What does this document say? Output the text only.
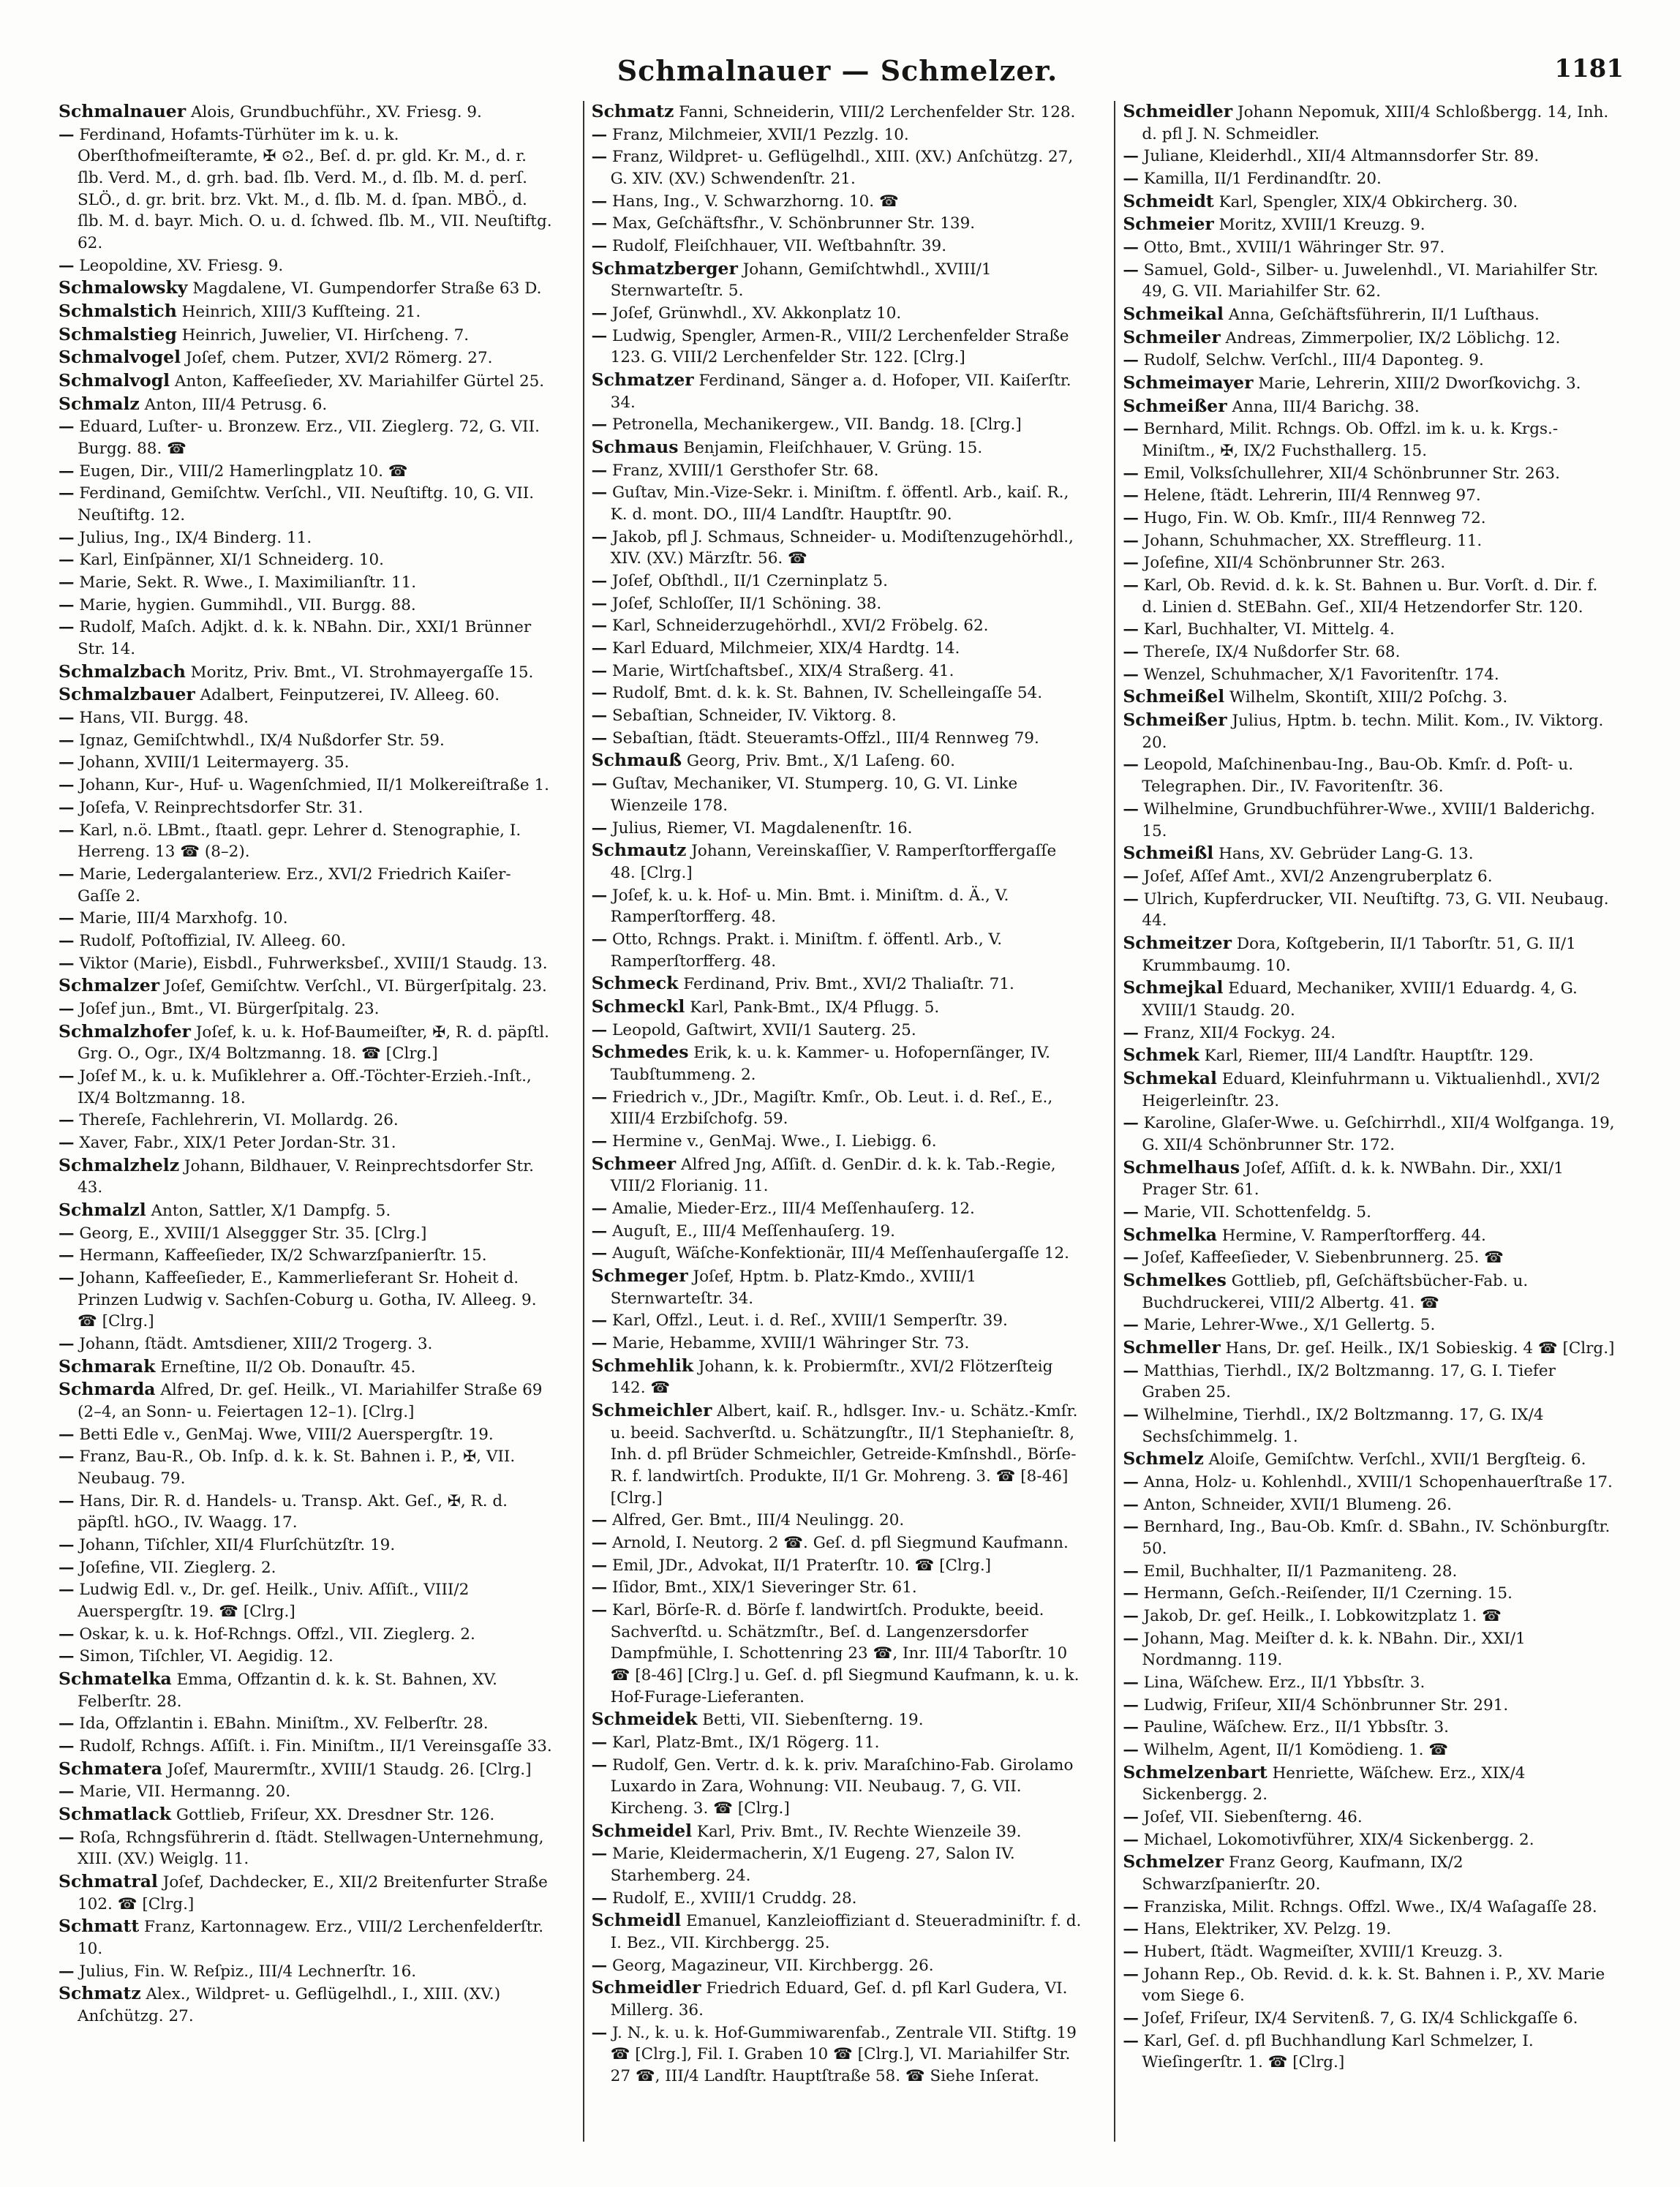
Schmalnauer — Schmelzer.	1181
Schmalnauer Alois, Grundbuchführ., XV. Friesg. 9.
— Ferdinand, Hofamts-Türhüter im k. u. k. Oberſthofmeiſteramte, ✠ ⊙2., Beſ. d. pr. gld. Kr. M., d. r. ſlb. Verd. M., d. grh. bad. ſlb. Verd. M., d. ſlb. M. d. perſ. SLÖ., d. gr. brit. brz. Vkt. M., d. ſlb. M. d. ſpan. MBÖ., d. ſlb. M. d. bayr. Mich. O. u. d. ſchwed. ſlb. M., VII. Neuſtiftg. 62.
— Leopoldine, XV. Friesg. 9.
Schmalowsky Magdalene, VI. Gumpendorfer Straße 63 D.
Schmalstich Heinrich, XIII/3 Kufſteing. 21.
Schmalstieg Heinrich, Juwelier, VI. Hirſcheng. 7.
Schmalvogel Joſef, chem. Putzer, XVI/2 Römerg. 27.
Schmalvogl Anton, Kaffeeſieder, XV. Mariahilfer Gürtel 25.
Schmalz Anton, III/4 Petrusg. 6.
— Eduard, Luſter- u. Bronzew. Erz., VII. Zieglerg. 72, G. VII. Burgg. 88. ☎
— Eugen, Dir., VIII/2 Hamerlingplatz 10. ☎
— Ferdinand, Gemiſchtw. Verſchl., VII. Neuſtiftg. 10, G. VII. Neuſtiftg. 12.
— Julius, Ing., IX/4 Binderg. 11.
— Karl, Einſpänner, XI/1 Schneiderg. 10.
— Marie, Sekt. R. Wwe., I. Maximilianſtr. 11.
— Marie, hygien. Gummihdl., VII. Burgg. 88.
— Rudolf, Maſch. Adjkt. d. k. k. NBahn. Dir., XXI/1 Brünner Str. 14.
Schmalzbach Moritz, Priv. Bmt., VI. Strohmayergaſſe 15.
Schmalzbauer Adalbert, Feinputzerei, IV. Alleeg. 60.
— Hans, VII. Burgg. 48.
— Ignaz, Gemiſchtwhdl., IX/4 Nußdorfer Str. 59.
— Johann, XVIII/1 Leitermayerg. 35.
— Johann, Kur-, Huf- u. Wagenſchmied, II/1 Molkereiſtraße 1.
— Joſefa, V. Reinprechtsdorfer Str. 31.
— Karl, n.ö. LBmt., ſtaatl. gepr. Lehrer d. Stenographie, I. Herreng. 13 ☎ (8–2).
— Marie, Ledergalanteriew. Erz., XVI/2 Friedrich Kaiſer-Gaſſe 2.
— Marie, III/4 Marxhofg. 10.
— Rudolf, Poſtoffizial, IV. Alleeg. 60.
— Viktor (Marie), Eisbdl., Fuhrwerksbeſ., XVIII/1 Staudg. 13.
Schmalzer Joſef, Gemiſchtw. Verſchl., VI. Bürgerſpitalg. 23.
— Joſef jun., Bmt., VI. Bürgerſpitalg. 23.
Schmalzhofer Joſef, k. u. k. Hof-Baumeiſter, ✠, R. d. päpſtl. Grg. O., Ogr., IX/4 Boltzmanng. 18. ☎ [Clrg.]
— Joſef M., k. u. k. Muſiklehrer a. Off.-Töchter-Erzieh.-Inſt., IX/4 Boltzmanng. 18.
— Thereſe, Fachlehrerin, VI. Mollardg. 26.
— Xaver, Fabr., XIX/1 Peter Jordan-Str. 31.
Schmalzhelz Johann, Bildhauer, V. Reinprechtsdorfer Str. 43.
Schmalzl Anton, Sattler, X/1 Dampfg. 5.
— Georg, E., XVIII/1 Alseggger Str. 35. [Clrg.]
— Hermann, Kaffeeſieder, IX/2 Schwarzſpanierſtr. 15.
— Johann, Kaffeeſieder, E., Kammerlieferant Sr. Hoheit d. Prinzen Ludwig v. Sachſen-Coburg u. Gotha, IV. Alleeg. 9. ☎ [Clrg.]
— Johann, ſtädt. Amtsdiener, XIII/2 Trogerg. 3.
Schmarak Erneſtine, II/2 Ob. Donauſtr. 45.
Schmarda Alfred, Dr. geſ. Heilk., VI. Mariahilfer Straße 69 (2–4, an Sonn- u. Feiertagen 12–1). [Clrg.]
— Betti Edle v., GenMaj. Wwe, VIII/2 Auerspergſtr. 19.
— Franz, Bau-R., Ob. Inſp. d. k. k. St. Bahnen i. P., ✠, VII. Neubaug. 79.
— Hans, Dir. R. d. Handels- u. Transp. Akt. Geſ., ✠, R. d. päpſtl. hGO., IV. Waagg. 17.
— Johann, Tiſchler, XII/4 Flurſchützſtr. 19.
— Joſefine, VII. Zieglerg. 2.
— Ludwig Edl. v., Dr. geſ. Heilk., Univ. Aſſiſt., VIII/2 Auerspergſtr. 19. ☎ [Clrg.]
— Oskar, k. u. k. Hof-Rchngs. Offzl., VII. Zieglerg. 2.
— Simon, Tiſchler, VI. Aegidig. 12.
Schmatelka Emma, Offzantin d. k. k. St. Bahnen, XV. Felberſtr. 28.
— Ida, Offzlantin i. EBahn. Miniſtm., XV. Felberſtr. 28.
— Rudolf, Rchngs. Aſſiſt. i. Fin. Miniſtm., II/1 Vereinsgaſſe 33.
Schmatera Joſef, Maurermſtr., XVIII/1 Staudg. 26. [Clrg.]
— Marie, VII. Hermanng. 20.
Schmatlack Gottlieb, Friſeur, XX. Dresdner Str. 126.
— Roſa, Rchngsführerin d. ſtädt. Stellwagen-Unternehmung, XIII. (XV.) Weiglg. 11.
Schmatral Joſef, Dachdecker, E., XII/2 Breitenfurter Straße 102. ☎ [Clrg.]
Schmatt Franz, Kartonnagew. Erz., VIII/2 Lerchenfelderſtr. 10.
— Julius, Fin. W. Reſpiz., III/4 Lechnerſtr. 16.
Schmatz Alex., Wildpret- u. Geflügelhdl., I., XIII. (XV.) Anſchützg. 27.
Schmatz Fanni, Schneiderin, VIII/2 Lerchenfelder Str. 128.
— Franz, Milchmeier, XVII/1 Pezzlg. 10.
— Franz, Wildpret- u. Geflügelhdl., XIII. (XV.) Anſchützg. 27, G. XIV. (XV.) Schwendenſtr. 21.
— Hans, Ing., V. Schwarzhorng. 10. ☎
— Max, Geſchäftsfhr., V. Schönbrunner Str. 139.
— Rudolf, Fleiſchhauer, VII. Weſtbahnſtr. 39.
Schmatzberger Johann, Gemiſchtwhdl., XVIII/1 Sternwarteſtr. 5.
— Joſef, Grünwhdl., XV. Akkonplatz 10.
— Ludwig, Spengler, Armen-R., VIII/2 Lerchenfelder Straße 123. G. VIII/2 Lerchenfelder Str. 122. [Clrg.]
Schmatzer Ferdinand, Sänger a. d. Hofoper, VII. Kaiſerſtr. 34.
— Petronella, Mechanikergew., VII. Bandg. 18. [Clrg.]
Schmaus Benjamin, Fleiſchhauer, V. Grüng. 15.
— Franz, XVIII/1 Gersthofer Str. 68.
— Guſtav, Min.-Vize-Sekr. i. Miniſtm. f. öffentl. Arb., kaiſ. R., K. d. mont. DO., III/4 Landſtr. Hauptſtr. 90.
— Jakob, pfl J. Schmaus, Schneider- u. Modiſtenzugehörhdl., XIV. (XV.) Märzſtr. 56. ☎
— Joſef, Obſthdl., II/1 Czerninplatz 5.
— Joſef, Schloſſer, II/1 Schöning. 38.
— Karl, Schneiderzugehörhdl., XVI/2 Fröbelg. 62.
— Karl Eduard, Milchmeier, XIX/4 Hardtg. 14.
— Marie, Wirtſchaftsbeſ., XIX/4 Straßerg. 41.
— Rudolf, Bmt. d. k. k. St. Bahnen, IV. Schelleingaſſe 54.
— Sebaſtian, Schneider, IV. Viktorg. 8.
— Sebaſtian, ſtädt. Steueramts-Offzl., III/4 Rennweg 79.
Schmauß Georg, Priv. Bmt., X/1 Laſeng. 60.
— Guſtav, Mechaniker, VI. Stumperg. 10, G. VI. Linke Wienzeile 178.
— Julius, Riemer, VI. Magdalenenſtr. 16.
Schmautz Johann, Vereinskaſſier, V. Ramperſtorffergaſſe 48. [Clrg.]
— Joſef, k. u. k. Hof- u. Min. Bmt. i. Miniſtm. d. Ä., V. Ramperſtorfferg. 48.
— Otto, Rchngs. Prakt. i. Miniſtm. f. öffentl. Arb., V. Ramperſtorfferg. 48.
Schmeck Ferdinand, Priv. Bmt., XVI/2 Thaliaſtr. 71.
Schmeckl Karl, Pank-Bmt., IX/4 Pflugg. 5.
— Leopold, Gaſtwirt, XVII/1 Sauterg. 25.
Schmedes Erik, k. u. k. Kammer- u. Hofopernſänger, IV. Taubſtummeng. 2.
— Friedrich v., JDr., Magiſtr. Kmſr., Ob. Leut. i. d. Reſ., E., XIII/4 Erzbiſchofg. 59.
— Hermine v., GenMaj. Wwe., I. Liebigg. 6.
Schmeer Alfred Jng, Aſſiſt. d. GenDir. d. k. k. Tab.-Regie, VIII/2 Florianig. 11.
— Amalie, Mieder-Erz., III/4 Meſſenhauſerg. 12.
— Auguſt, E., III/4 Meſſenhauſerg. 19.
— Auguſt, Wäſche-Konfektionär, III/4 Meſſenhauſergaſſe 12.
Schmeger Joſef, Hptm. b. Platz-Kmdo., XVIII/1 Sternwarteſtr. 34.
— Karl, Offzl., Leut. i. d. Reſ., XVIII/1 Semperſtr. 39.
— Marie, Hebamme, XVIII/1 Währinger Str. 73.
Schmehlik Johann, k. k. Probiermſtr., XVI/2 Flötzerſteig 142. ☎
Schmeichler Albert, kaiſ. R., hdlsger. Inv.- u. Schätz.-Kmſr. u. beeid. Sachverſtd. u. Schätzungſtr., II/1 Stephanieſtr. 8, Inh. d. pfl Brüder Schmeichler, Getreide-Kmſnshdl., Börſe-R. f. landwirtſch. Produkte, II/1 Gr. Mohreng. 3. ☎ [8-46] [Clrg.]
— Alfred, Ger. Bmt., III/4 Neulingg. 20.
— Arnold, I. Neutorg. 2 ☎. Geſ. d. pfl Siegmund Kaufmann.
— Emil, JDr., Advokat, II/1 Praterſtr. 10. ☎ [Clrg.]
— Iſidor, Bmt., XIX/1 Sieveringer Str. 61.
— Karl, Börſe-R. d. Börſe f. landwirtſch. Produkte, beeid. Sachverſtd. u. Schätzmſtr., Beſ. d. Langenzersdorfer Dampfmühle, I. Schottenring 23 ☎, Inr. III/4 Taborſtr. 10 ☎ [8-46] [Clrg.] u. Geſ. d. pfl Siegmund Kaufmann, k. u. k. Hof-Furage-Lieferanten.
Schmeidek Betti, VII. Siebenſterng. 19.
— Karl, Platz-Bmt., IX/1 Rögerg. 11.
— Rudolf, Gen. Vertr. d. k. k. priv. Maraſchino-Fab. Girolamo Luxardo in Zara, Wohnung: VII. Neubaug. 7, G. VII. Kircheng. 3. ☎ [Clrg.]
Schmeidel Karl, Priv. Bmt., IV. Rechte Wienzeile 39.
— Marie, Kleidermacherin, X/1 Eugeng. 27, Salon IV. Starhemberg. 24.
— Rudolf, E., XVIII/1 Cruddg. 28.
Schmeidl Emanuel, Kanzleioffiziant d. Steueradminiſtr. f. d. I. Bez., VII. Kirchbergg. 25.
— Georg, Magazineur, VII. Kirchbergg. 26.
Schmeidler Friedrich Eduard, Geſ. d. pfl Karl Gudera, VI. Millerg. 36.
— J. N., k. u. k. Hof-Gummiwarenfab., Zentrale VII. Stiftg. 19 ☎ [Clrg.], Fil. I. Graben 10 ☎ [Clrg.], VI. Mariahilfer Str. 27 ☎, III/4 Landſtr. Hauptſtraße 58. ☎ Siehe Inſerat.
Schmeidler Johann Nepomuk, XIII/4 Schloßbergg. 14, Inh. d. pfl J. N. Schmeidler.
— Juliane, Kleiderhdl., XII/4 Altmannsdorfer Str. 89.
— Kamilla, II/1 Ferdinandſtr. 20.
Schmeidt Karl, Spengler, XIX/4 Obkircherg. 30.
Schmeier Moritz, XVIII/1 Kreuzg. 9.
— Otto, Bmt., XVIII/1 Währinger Str. 97.
— Samuel, Gold-, Silber- u. Juwelenhdl., VI. Mariahilfer Str. 49, G. VII. Mariahilfer Str. 62.
Schmeikal Anna, Geſchäftsführerin, II/1 Luſthaus.
Schmeiler Andreas, Zimmerpolier, IX/2 Löblichg. 12.
— Rudolf, Selchw. Verſchl., III/4 Daponteg. 9.
Schmeimayer Marie, Lehrerin, XIII/2 Dworſkovichg. 3.
Schmeißer Anna, III/4 Barichg. 38.
— Bernhard, Milit. Rchngs. Ob. Offzl. im k. u. k. Krgs.-Miniſtm., ✠, IX/2 Fuchsthallerg. 15.
— Emil, Volksſchullehrer, XII/4 Schönbrunner Str. 263.
— Helene, ſtädt. Lehrerin, III/4 Rennweg 97.
— Hugo, Fin. W. Ob. Kmſr., III/4 Rennweg 72.
— Johann, Schuhmacher, XX. Streffleurg. 11.
— Joſefine, XII/4 Schönbrunner Str. 263.
— Karl, Ob. Revid. d. k. k. St. Bahnen u. Bur. Vorſt. d. Dir. f. d. Linien d. StEBahn. Geſ., XII/4 Hetzendorfer Str. 120.
— Karl, Buchhalter, VI. Mittelg. 4.
— Thereſe, IX/4 Nußdorfer Str. 68.
— Wenzel, Schuhmacher, X/1 Favoritenſtr. 174.
Schmeißel Wilhelm, Skontiſt, XIII/2 Poſchg. 3.
Schmeißer Julius, Hptm. b. techn. Milit. Kom., IV. Viktorg. 20.
— Leopold, Maſchinenbau-Ing., Bau-Ob. Kmſr. d. Poſt- u. Telegraphen. Dir., IV. Favoritenſtr. 36.
— Wilhelmine, Grundbuchführer-Wwe., XVIII/1 Balderichg. 15.
Schmeißl Hans, XV. Gebrüder Lang-G. 13.
— Joſef, Aſſef Amt., XVI/2 Anzengruberplatz 6.
— Ulrich, Kupferdrucker, VII. Neuſtiftg. 73, G. VII. Neubaug. 44.
Schmeitzer Dora, Koſtgeberin, II/1 Taborſtr. 51, G. II/1 Krummbaumg. 10.
Schmejkal Eduard, Mechaniker, XVIII/1 Eduardg. 4, G. XVIII/1 Staudg. 20.
— Franz, XII/4 Fockyg. 24.
Schmek Karl, Riemer, III/4 Landſtr. Hauptſtr. 129.
Schmekal Eduard, Kleinfuhrmann u. Viktualienhdl., XVI/2 Heigerleinſtr. 23.
— Karoline, Glaſer-Wwe. u. Geſchirrhdl., XII/4 Wolfganga. 19, G. XII/4 Schönbrunner Str. 172.
Schmelhaus Joſef, Aſſiſt. d. k. k. NWBahn. Dir., XXI/1 Prager Str. 61.
— Marie, VII. Schottenfeldg. 5.
Schmelka Hermine, V. Ramperſtorfferg. 44.
— Joſef, Kaffeeſieder, V. Siebenbrunnerg. 25. ☎
Schmelkes Gottlieb, pfl, Geſchäftsbücher-Fab. u. Buchdruckerei, VIII/2 Albertg. 41. ☎
— Marie, Lehrer-Wwe., X/1 Gellertg. 5.
Schmeller Hans, Dr. geſ. Heilk., IX/1 Sobieskig. 4 ☎ [Clrg.]
— Matthias, Tierhdl., IX/2 Boltzmanng. 17, G. I. Tiefer Graben 25.
— Wilhelmine, Tierhdl., IX/2 Boltzmanng. 17, G. IX/4 Sechsſchimmelg. 1.
Schmelz Aloiſe, Gemiſchtw. Verſchl., XVII/1 Bergſteig. 6.
— Anna, Holz- u. Kohlenhdl., XVIII/1 Schopenhauerſtraße 17.
— Anton, Schneider, XVII/1 Blumeng. 26.
— Bernhard, Ing., Bau-Ob. Kmſr. d. SBahn., IV. Schönburgſtr. 50.
— Emil, Buchhalter, II/1 Pazmaniteng. 28.
— Hermann, Geſch.-Reiſender, II/1 Czerning. 15.
— Jakob, Dr. geſ. Heilk., I. Lobkowitzplatz 1. ☎
— Johann, Mag. Meiſter d. k. k. NBahn. Dir., XXI/1 Nordmanng. 119.
— Lina, Wäſchew. Erz., II/1 Ybbsſtr. 3.
— Ludwig, Friſeur, XII/4 Schönbrunner Str. 291.
— Pauline, Wäſchew. Erz., II/1 Ybbsſtr. 3.
— Wilhelm, Agent, II/1 Komödieng. 1. ☎
Schmelzenbart Henriette, Wäſchew. Erz., XIX/4 Sickenbergg. 2.
— Joſef, VII. Siebenſterng. 46.
— Michael, Lokomotivführer, XIX/4 Sickenbergg. 2.
Schmelzer Franz Georg, Kaufmann, IX/2 Schwarzſpanierſtr. 20.
— Franziska, Milit. Rchngs. Offzl. Wwe., IX/4 Waſagaſſe 28.
— Hans, Elektriker, XV. Pelzg. 19.
— Hubert, ſtädt. Wagmeiſter, XVIII/1 Kreuzg. 3.
— Johann Rep., Ob. Revid. d. k. k. St. Bahnen i. P., XV. Marie vom Siege 6.
— Joſef, Friſeur, IX/4 Servitenß. 7, G. IX/4 Schlickgaſſe 6.
— Karl, Geſ. d. pfl Buchhandlung Karl Schmelzer, I. Wieſingerſtr. 1. ☎ [Clrg.]
